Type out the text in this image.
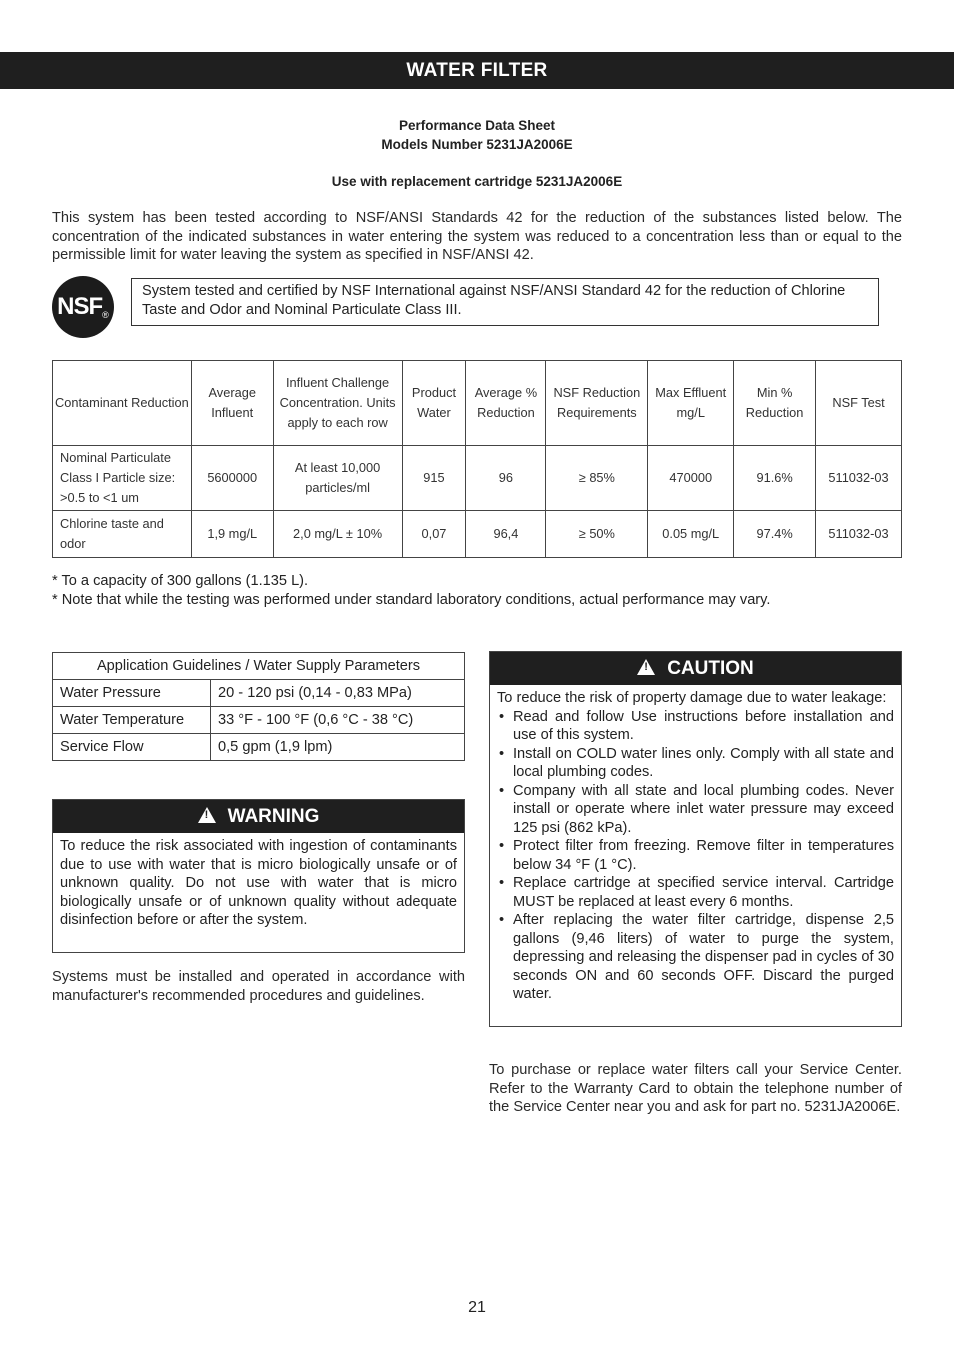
WATER FILTER
Performance Data Sheet
Models Number 5231JA2006E
Use with replacement cartridge 5231JA2006E
This system has been tested according to NSF/ANSI Standards 42 for the reduction of the substances listed below. The concentration of the indicated substances in water entering the system was reduced to a concentration less than or equal to the permissible limit for water leaving the system as specified in NSF/ANSI 42.
NSF®
System tested and certified by NSF International against NSF/ANSI Standard 42 for the reduction of Chlorine Taste and Odor and Nominal Particulate Class III.
Contaminant Reduction	Average Influent	Influent Challenge Concentration. Units apply to each row	Product Water	Average % Reduction	NSF Reduction Requirements	Max Effluent mg/L	Min % Reduction	NSF Test
Nominal Particulate Class I Particle size: >0.5 to <1 um	5600000	At least 10,000 particles/ml	915	96	≥ 85%	470000	91.6%	511032-03
Chlorine taste and odor	1,9 mg/L	2,0 mg/L ± 10%	0,07	96,4	≥ 50%	0.05 mg/L	97.4%	511032-03
* To a capacity of 300 gallons (1.135 L).
* Note that while the testing was performed under standard laboratory conditions, actual performance may vary.
Application Guidelines / Water Supply Parameters	
Water Pressure	20 - 120 psi (0,14 - 0,83 MPa)
Water Temperature	33 °F - 100 °F (0,6 °C - 38 °C)
Service Flow	0,5 gpm (1,9 lpm)
!WARNING
To reduce the risk associated with ingestion of contaminants due to use with water that is micro biologically unsafe or of unknown quality. Do not use with water that is micro biologically unsafe or of unknown quality without adequate disinfection before or after the system.
Systems must be installed and operated in accordance with manufacturer's recommended procedures and guidelines.
!CAUTION
To reduce the risk of property damage due to water leakage:
• Read and follow Use instructions before installation and use of this system.
• Install on COLD water lines only. Comply with all state and local plumbing codes.
• Company with all state and local plumbing codes. Never install or operate where inlet water pressure may exceed 125 psi (862 kPa).
• Protect filter from freezing. Remove filter in temperatures below 34 °F (1 °C).
• Replace cartridge at specified service interval. Cartridge MUST be replaced at least every 6 months.
• After replacing the water filter cartridge, dispense 2,5 gallons (9,46 liters) of water to purge the system, depressing and releasing the dispenser pad in cycles of 30 seconds ON and 60 seconds OFF. Discard the purged water.
To purchase or replace water filters call your Service Center. Refer to the Warranty Card to obtain the telephone number of the Service Center near you and ask for part no. 5231JA2006E.
21
